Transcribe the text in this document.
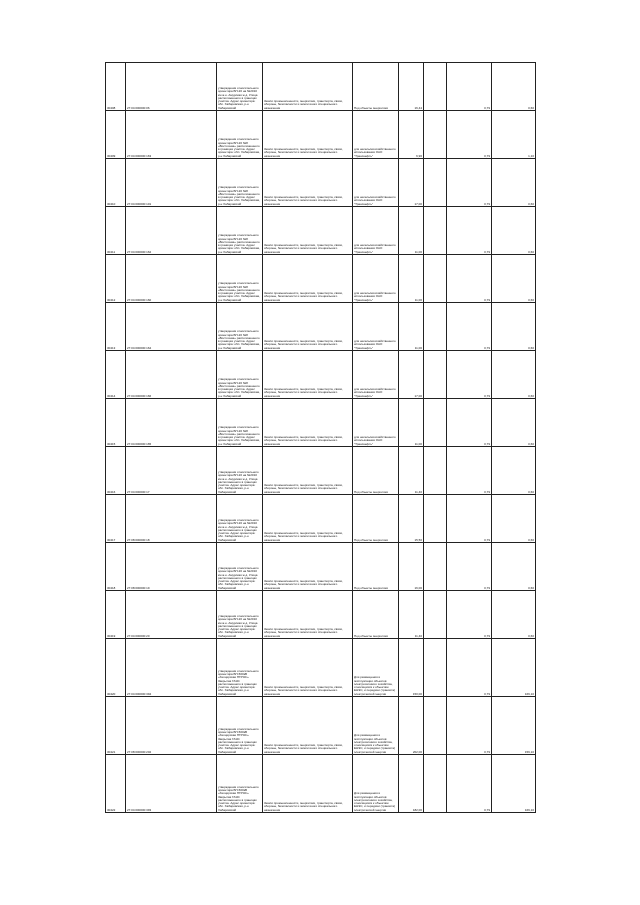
30408	27:04:000000:06	утверждения относительного ориентира БП-20 на №2010 км ж.н. Амурская ж.д. Улица расположенного в границах участка. Адрес ориентира: обл. Хабаровская, р-н Хабаровский	Земли промышленности, энергетики, транспорта, связи, обороны, безопасности и земли иного специального назначения	Под объекты энергетики	16,44		0,79	0,60
30409	27:04:000000:163	утверждения относительного ориентира БП-20 №8 «Восточная» расположенного в границах участка. Адрес ориентира: обл. Хабаровская, р-н Хабаровский	Земли промышленности, энергетики, транспорта, связи, обороны, безопасности и земли иного специального назначения	для несельскохозяйственного использования ОАО "Транснефть"	6,96		0,79	1,10
30410	27:04:000000:101	утверждения относительного ориентира БП-20 №8 «Восточная» расположенного в границах участка. Адрес ориентира: обл. Хабаровская, р-н Хабаровский	Земли промышленности, энергетики, транспорта, связи, обороны, безопасности и земли иного специального назначения	для несельскохозяйственного использования ОАО "Транснефть"	17,00		0,79	0,60
30411	27:04:000000:162	утверждения относительного ориентира БП-20 №8 «Восточная» расположенного в границах участка. Адрес ориентира: обл. Хабаровская, р-н Хабаровский	Земли промышленности, энергетики, транспорта, связи, обороны, безопасности и земли иного специального назначения	для несельскохозяйственного использования ОАО "Транснефть"	11,00		0,79	0,60
30412	27:04:000000:160	утверждения относительного ориентира БП-20 №8 «Восточная» расположенного в границах участка. Адрес ориентира: обл. Хабаровская, р-н Хабаровский	Земли промышленности, энергетики, транспорта, связи, обороны, безопасности и земли иного специального назначения	для несельскохозяйственного использования ОАО "Транснефть"	11,00		0,79	0,60
30413	27:04:000000:164	утверждения относительного ориентира БП-20 №8 «Восточная» расположенного в границах участка. Адрес ориентира: обл. Хабаровская, р-н Хабаровский	Земли промышленности, энергетики, транспорта, связи, обороны, безопасности и земли иного специального назначения	для несельскохозяйственного использования ОАО "Транснефть"	11,00		0,79	0,60
30414	27:04:000000:166	утверждения относительного ориентира БП-20 №8 «Восточная» расположенного в границах участка. Адрес ориентира: обл. Хабаровская, р-н Хабаровский	Земли промышленности, энергетики, транспорта, связи, обороны, безопасности и земли иного специального назначения	для несельскохозяйственного использования ОАО "Транснефть"	17,00		0,79	0,60
30415	27:04:000000:165	утверждения относительного ориентира БП-20 №8 «Восточная» расположенного в границах участка. Адрес ориентира: обл. Хабаровская, р-н Хабаровский	Земли промышленности, энергетики, транспорта, связи, обороны, безопасности и земли иного специального назначения	для несельскохозяйственного использования ОАО "Транснефть"	11,00		0,79	0,60
30416	27:04:000000:17	утверждения относительного ориентира БП-20 на №2010 км ж.н. Амурская ж.д. Улица расположенного в границах участка. Адрес ориентира: обл. Хабаровская, р-н Хабаровский	Земли промышленности, энергетики, транспорта, связи, обороны, безопасности и земли иного специального назначения	Под объекты энергетики	11,40		0,79	0,60
30417	27:08:000000:18	утверждения относительного ориентира БП-20 на №2010 км ж.н. Амурская ж.д. Улица расположенного в границах участка. Адрес ориентира: обл. Хабаровская, р-н Хабаровский	Земли промышленности, энергетики, транспорта, связи, обороны, безопасности и земли иного специального назначения	Под объекты энергетики	15,50		0,79	0,60
30418	27:08:000000:19	утверждения относительного ориентира БП-20 на №2010 км ж.н. Амурская ж.д. Улица расположенного в границах участка. Адрес ориентира: обл. Хабаровская, р-н Хабаровский	Земли промышленности, энергетики, транспорта, связи, обороны, безопасности и земли иного специального назначения	Под объекты энергетики	16,00		0,79	0,60
30419	27:04:000000:20	утверждения относительного ориентира БП-20 на №2010 км ж.н. Амурская ж.д. Улица расположенного в границах участка. Адрес ориентира: обл. Хабаровская, р-н Хабаровский	Земли промышленности, энергетики, транспорта, связи, обороны, безопасности и земли иного специального назначения	Под объекты энергетики	11,40		0,79	0,60
30420	27:04:000000:394	утверждения относительного ориентира БП-500кВ «Хехцирская ПГРЭС» Закрытая ГАЭС расположенного в границах участка. Адрес ориентира: обл. Хабаровская, р-н Хабаровский	Земли промышленности, энергетики, транспорта, связи, обороны, безопасности и земли иного специального назначения	Для размещения и эксплуатации объектов электросетевого хозяйства, относящихся к объектам ЕНЭС, и передачи (транзита) электрической энергии	150,00		0,79	169,10
30421	27:08:000000:202	утверждения относительного ориентира БП-500кВ «Хехцирская ПГРЭС» Закрытая ГАЭС расположенного в границах участка. Адрес ориентира: обл. Хабаровская, р-н Хабаровский	Земли промышленности, энергетики, транспорта, связи, обороны, безопасности и земли иного специального назначения	Для размещения и эксплуатации объектов электросетевого хозяйства, относящихся к объектам ЕНЭС, и передачи (транзита) электрической энергии	202,00		0,79	159,10
30422	27:04:000000:393	утверждения относительного ориентира БП-500кВ «Хехцирская ПГРЭС» Закрытая ГАЭС расположенного в границах участка. Адрес ориентира: обл. Хабаровская, р-н Хабаровский	Земли промышленности, энергетики, транспорта, связи, обороны, безопасности и земли иного специального назначения	Для размещения и эксплуатации объектов электросетевого хозяйства, относящихся к объектам ЕНЭС, и передачи (транзита) электрической энергии	182,00		0,79	169,10
